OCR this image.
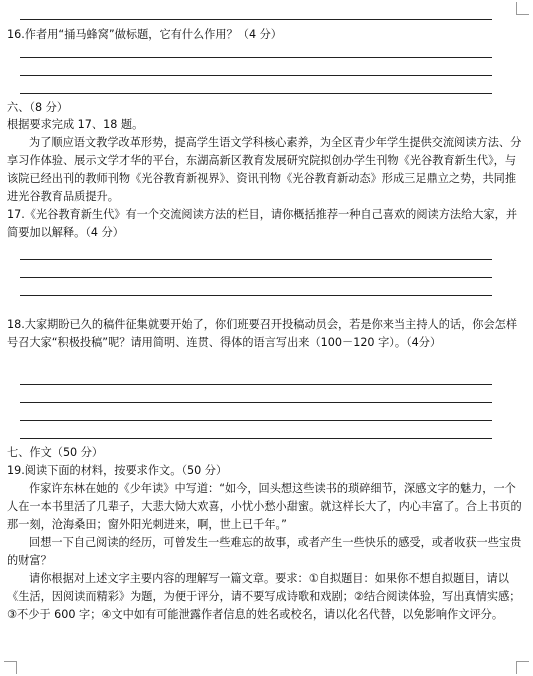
16.作者用“捅马蜂窝”做标题，它有什么作用？（4 分）
六、（8 分）
根据要求完成 17、18 题。
为了顺应语文教学改革形势，提高学生语文学科核心素养，为全区青少年学生提供交流阅读方法、分享习作体验、展示文学才华的平台，东湖高新区教育发展研究院拟创办学生刊物《光谷教育新生代》，与该院已经出刊的教师刊物《光谷教育新视界》、资讯刊物《光谷教育新动态》形成三足鼎立之势，共同推进光谷教育品质提升。
17.《光谷教育新生代》有一个交流阅读方法的栏目，请你概括推荐一种自己喜欢的阅读方法给大家，并简要加以解释。（4 分）
18.大家期盼已久的稿件征集就要开始了，你们班要召开投稿动员会，若是你来当主持人的话，你会怎样号召大家“积极投稿”呢？请用简明、连贯、得体的语言写出来（100－120 字）。（4分）
七、作文（50 分）
19.阅读下面的材料，按要求作文。（50 分）
作家许东林在她的《少年读》中写道：“如今，回头想这些读书的琐碎细节，深感文字的魅力，一个人在一本书里活了几辈子，大悲大恸大欢喜，小忧小愁小甜蜜。就这样长大了，内心丰富了。合上书页的那一刻，沧海桑田；窗外阳光刺进来，啊，世上已千年。”
回想一下自己阅读的经历，可曾发生一些难忘的故事，或者产生一些快乐的感受，或者收获一些宝贵的财富？
请你根据对上述文字主要内容的理解写一篇文章。要求：①自拟题目：如果你不想自拟题目，请以《生活，因阅读而精彩》为题，为便于评分，请不要写成诗歌和戏剧；②结合阅读体验，写出真情实感；③不少于 600 字；④文中如有可能泄露作者信息的姓名或校名，请以化名代替，以免影响作文评分。
